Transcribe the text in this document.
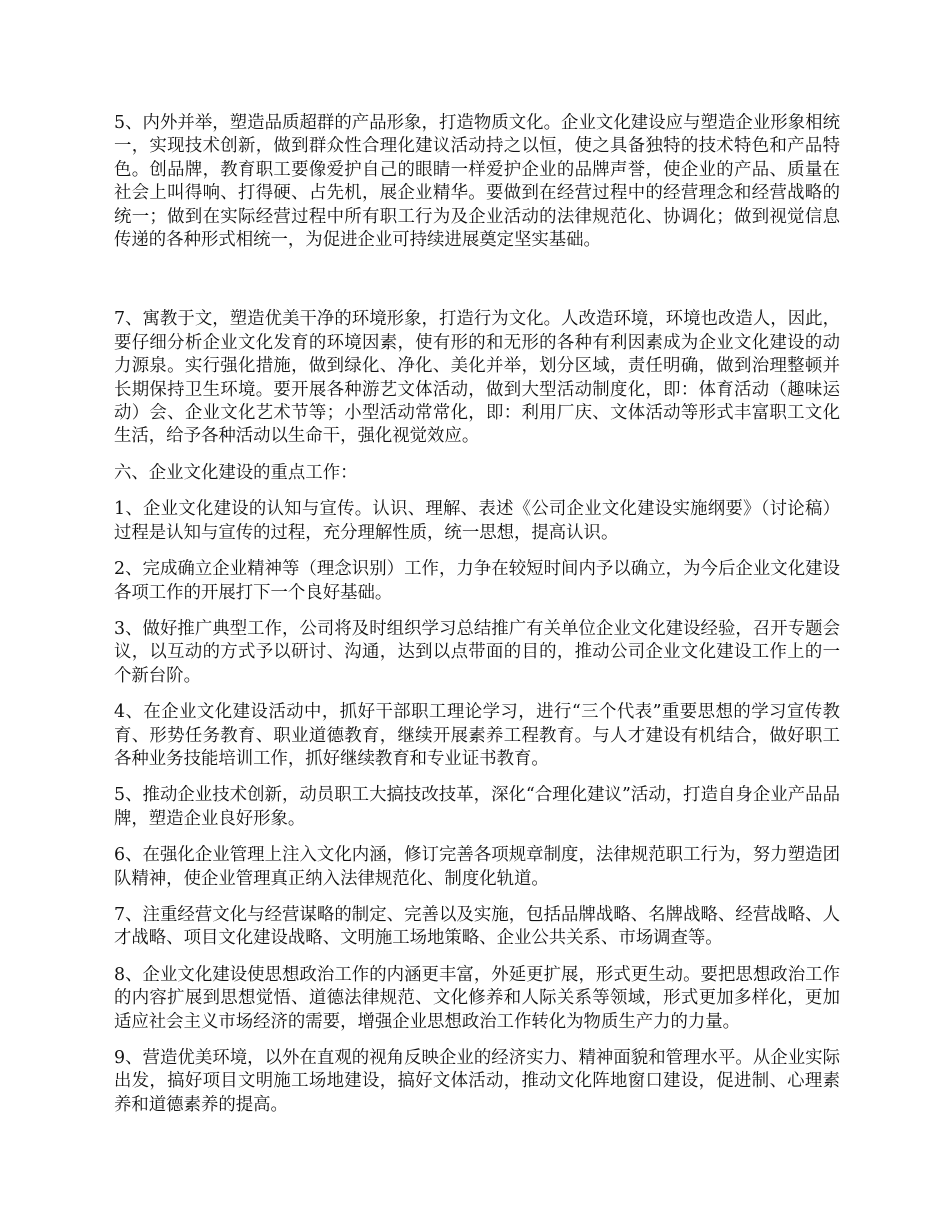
5、内外并举，塑造品质超群的产品形象，打造物质文化。企业文化建设应与塑造企业形象相统一，实现技术创新，做到群众性合理化建议活动持之以恒，使之具备独特的技术特色和产品特色。创品牌，教育职工要像爱护自己的眼睛一样爱护企业的品牌声誉，使企业的产品、质量在社会上叫得响、打得硬、占先机，展企业精华。要做到在经营过程中的经营理念和经营战略的统一；做到在实际经营过程中所有职工行为及企业活动的法律规范化、协调化；做到视觉信息传递的各种形式相统一，为促进企业可持续进展奠定坚实基础。

7、寓教于文，塑造优美干净的环境形象，打造行为文化。人改造环境，环境也改造人，因此，要仔细分析企业文化发育的环境因素，使有形的和无形的各种有利因素成为企业文化建设的动力源泉。实行强化措施，做到绿化、净化、美化并举，划分区域，责任明确，做到治理整顿并长期保持卫生环境。要开展各种游艺文体活动，做到大型活动制度化，即：体育活动（趣味运动）会、企业文化艺术节等；小型活动常常化，即：利用厂庆、文体活动等形式丰富职工文化生活，给予各种活动以生命干，强化视觉效应。

六、企业文化建设的重点工作：

1、企业文化建设的认知与宣传。认识、理解、表述《公司企业文化建设实施纲要》（讨论稿）过程是认知与宣传的过程，充分理解性质，统一思想，提高认识。

2、完成确立企业精神等（理念识别）工作，力争在较短时间内予以确立，为今后企业文化建设各项工作的开展打下一个良好基础。

3、做好推广典型工作，公司将及时组织学习总结推广有关单位企业文化建设经验，召开专题会议，以互动的方式予以研讨、沟通，达到以点带面的目的，推动公司企业文化建设工作上的一个新台阶。

4、在企业文化建设活动中，抓好干部职工理论学习，进行“三个代表”重要思想的学习宣传教育、形势任务教育、职业道德教育，继续开展素养工程教育。与人才建设有机结合，做好职工各种业务技能培训工作，抓好继续教育和专业证书教育。

5、推动企业技术创新，动员职工大搞技改技革，深化“合理化建议”活动，打造自身企业产品品牌，塑造企业良好形象。

6、在强化企业管理上注入文化内涵，修订完善各项规章制度，法律规范职工行为，努力塑造团队精神，使企业管理真正纳入法律规范化、制度化轨道。

7、注重经营文化与经营谋略的制定、完善以及实施，包括品牌战略、名牌战略、经营战略、人才战略、项目文化建设战略、文明施工场地策略、企业公共关系、市场调查等。

8、企业文化建设使思想政治工作的内涵更丰富，外延更扩展，形式更生动。要把思想政治工作的内容扩展到思想觉悟、道德法律规范、文化修养和人际关系等领域，形式更加多样化，更加适应社会主义市场经济的需要，增强企业思想政治工作转化为物质生产力的力量。

9、营造优美环境，以外在直观的视角反映企业的经济实力、精神面貌和管理水平。从企业实际出发，搞好项目文明施工场地建设，搞好文体活动，推动文化阵地窗口建设，促进制、心理素养和道德素养的提高。
